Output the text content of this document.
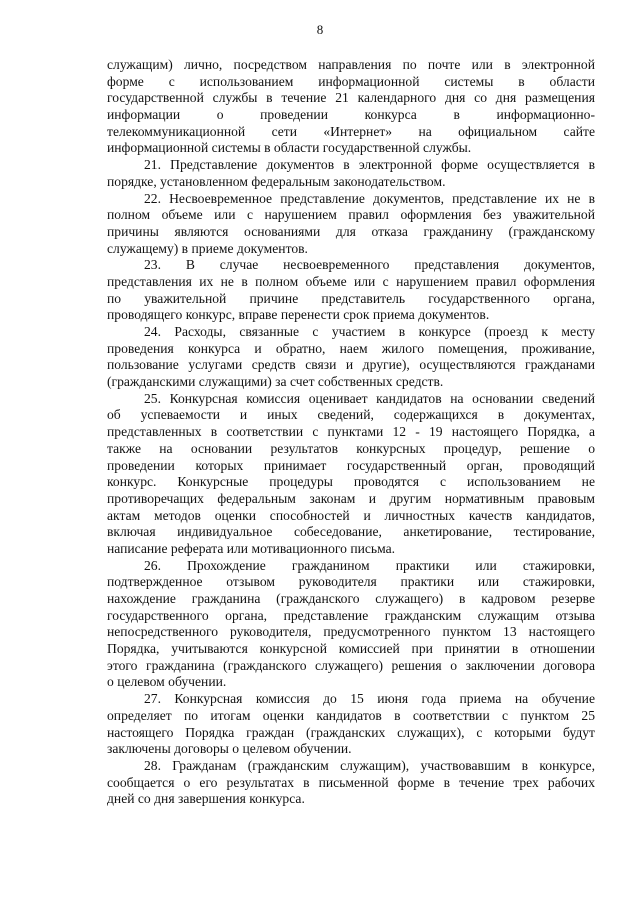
8
служащим) лично, посредством направления по почте или в электронной
форме с использованием информационной системы в области
государственной службы в течение 21 календарного дня со дня размещения
информации о проведении конкурса в информационно-
телекоммуникационной сети «Интернет» на официальном сайте
информационной системы в области государственной службы.
21. Представление документов в электронной форме осуществляется в
порядке, установленном федеральным законодательством.
22. Несвоевременное представление документов, представление их не в
полном объеме или с нарушением правил оформления без уважительной
причины являются основаниями для отказа гражданину (гражданскому
служащему) в приеме документов.
23. В случае несвоевременного представления документов,
представления их не в полном объеме или с нарушением правил оформления
по уважительной причине представитель государственного органа,
проводящего конкурс, вправе перенести срок приема документов.
24. Расходы, связанные с участием в конкурсе (проезд к месту
проведения конкурса и обратно, наем жилого помещения, проживание,
пользование услугами средств связи и другие), осуществляются гражданами
(гражданскими служащими) за счет собственных средств.
25. Конкурсная комиссия оценивает кандидатов на основании сведений
об успеваемости и иных сведений, содержащихся в документах,
представленных в соответствии с пунктами 12 - 19 настоящего Порядка, а
также на основании результатов конкурсных процедур, решение о
проведении которых принимает государственный орган, проводящий
конкурс. Конкурсные процедуры проводятся с использованием не
противоречащих федеральным законам и другим нормативным правовым
актам методов оценки способностей и личностных качеств кандидатов,
включая индивидуальное собеседование, анкетирование, тестирование,
написание реферата или мотивационного письма.
26. Прохождение гражданином практики или стажировки,
подтвержденное отзывом руководителя практики или стажировки,
нахождение гражданина (гражданского служащего) в кадровом резерве
государственного органа, представление гражданским служащим отзыва
непосредственного руководителя, предусмотренного пунктом 13 настоящего
Порядка, учитываются конкурсной комиссией при принятии в отношении
этого гражданина (гражданского служащего) решения о заключении договора
о целевом обучении.
27. Конкурсная комиссия до 15 июня года приема на обучение
определяет по итогам оценки кандидатов в соответствии с пунктом 25
настоящего Порядка граждан (гражданских служащих), с которыми будут
заключены договоры о целевом обучении.
28. Гражданам (гражданским служащим), участвовавшим в конкурсе,
сообщается о его результатах в письменной форме в течение трех рабочих
дней со дня завершения конкурса.
